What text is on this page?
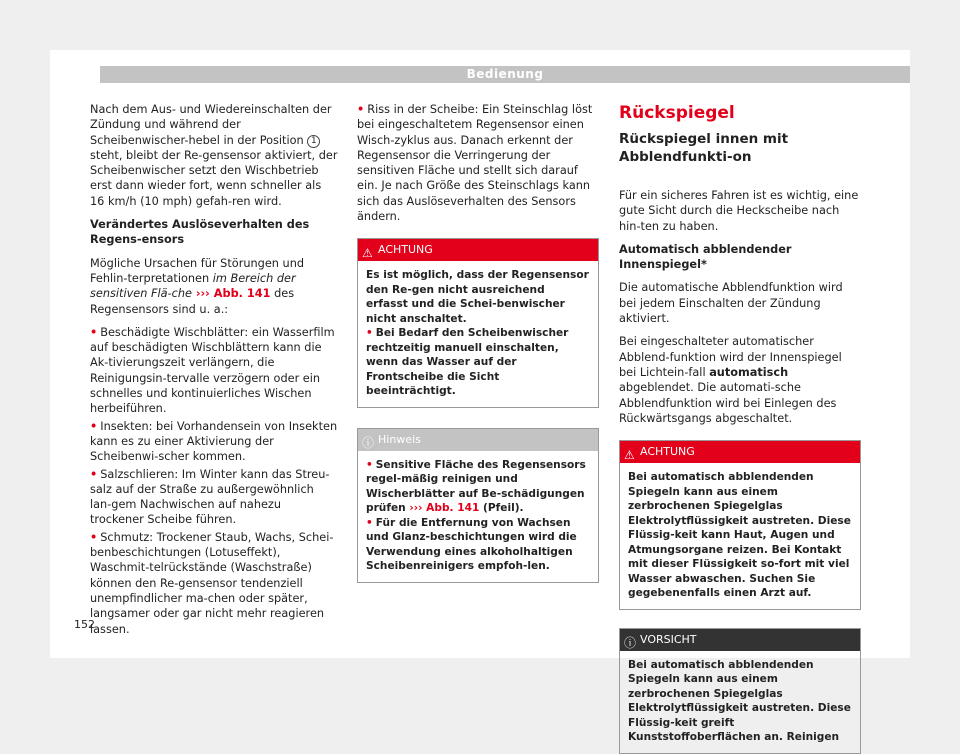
Bedienung

Nach dem Aus- und Wiedereinschalten der Zündung und während der Scheibenwischer-hebel in der Position 1 steht, bleibt der Re-gensensor aktiviert, der Scheibenwischer setzt den Wischbetrieb erst dann wieder fort, wenn schneller als 16 km/h (10 mph) gefah-ren wird.

Verändertes Auslöseverhalten des Regens-ensors

Mögliche Ursachen für Störungen und Fehlin-terpretationen im Bereich der sensitiven Flä-che ››› Abb. 141 des Regensensors sind u. a.:

• Beschädigte Wischblätter: ein Wasserfilm auf beschädigten Wischblättern kann die Ak-tivierungszeit verlängern, die Reinigungsin-tervalle verzögern oder ein schnelles und kontinuierliches Wischen herbeiführen.
• Insekten: bei Vorhandensein von Insekten kann es zu einer Aktivierung der Scheibenwi-scher kommen.
• Salzschlieren: Im Winter kann das Streu-salz auf der Straße zu außergewöhnlich lan-gem Nachwischen auf nahezu trockener Scheibe führen.
• Schmutz: Trockener Staub, Wachs, Schei-benbeschichtungen (Lotuseffekt), Waschmit-telrückstände (Waschstraße) können den Re-gensensor tendenziell unempfindlicher ma-chen oder später, langsamer oder gar nicht mehr reagieren lassen.

• Riss in der Scheibe: Ein Steinschlag löst bei eingeschaltetem Regensensor einen Wisch-zyklus aus. Danach erkennt der Regensensor die Verringerung der sensitiven Fläche und stellt sich darauf ein. Je nach Größe des Steinschlags kann sich das Auslöseverhalten des Sensors ändern.

⚠ ACHTUNG
Es ist möglich, dass der Regensensor den Re-gen nicht ausreichend erfasst und die Schei-benwischer nicht anschaltet.
• Bei Bedarf den Scheibenwischer rechtzeitig manuell einschalten, wenn das Wasser auf der Frontscheibe die Sicht beeinträchtigt.
ⓘ Hinweis
• Sensitive Fläche des Regensensors regel-mäßig reinigen und Wischerblätter auf Be-schädigungen prüfen ››› Abb. 141 (Pfeil).
• Für die Entfernung von Wachsen und Glanz-beschichtungen wird die Verwendung eines alkoholhaltigen Scheibenreinigers empfoh-len.
Rückspiegel
Rückspiegel innen mit Abblendfunkti-on

Für ein sicheres Fahren ist es wichtig, eine gute Sicht durch die Heckscheibe nach hin-ten zu haben.

Automatisch abblendender Innenspiegel*

Die automatische Abblendfunktion wird bei jedem Einschalten der Zündung aktiviert.

Bei eingeschalteter automatischer Abblend-funktion wird der Innenspiegel bei Lichtein-fall automatisch abgeblendet. Die automati-sche Abblendfunktion wird bei Einlegen des Rückwärtsgangs abgeschaltet.

⚠ ACHTUNG
Bei automatisch abblendenden Spiegeln kann aus einem zerbrochenen Spiegelglas Elektrolytflüssigkeit austreten. Diese Flüssig-keit kann Haut, Augen und Atmungsorgane reizen. Bei Kontakt mit dieser Flüssigkeit so-fort mit viel Wasser abwaschen. Suchen Sie gegebenenfalls einen Arzt auf.
ⓘ VORSICHT
Bei automatisch abblendenden Spiegeln kann aus einem zerbrochenen Spiegelglas Elektrolytflüssigkeit austreten. Diese Flüssig-keit greift Kunststoffoberflächen an. Reinigen
152
